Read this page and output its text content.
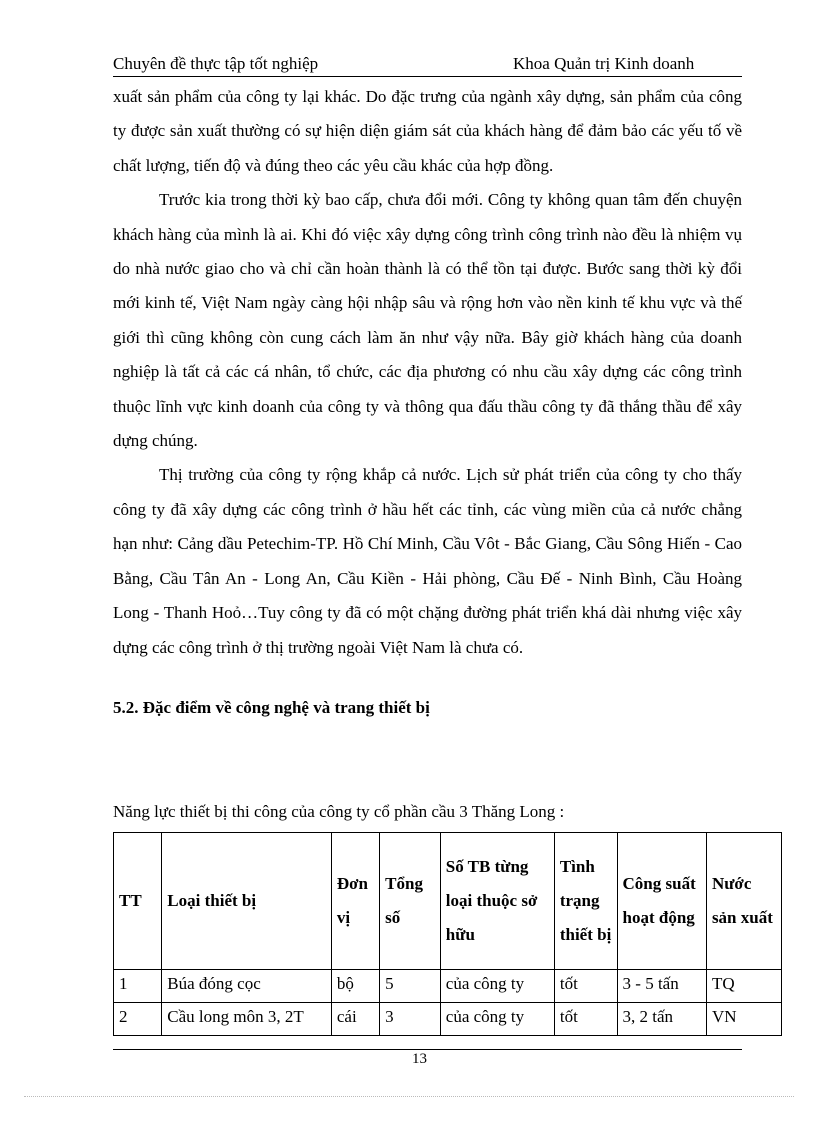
Chuyên đề thực tập tốt nghiệp	Khoa Quản trị Kinh doanh

xuất sản phẩm của công ty lại khác. Do đặc trưng của ngành xây dựng, sản phẩm của công ty được sản xuất thường có sự hiện diện giám sát của khách hàng để đảm bảo các yếu tố về chất lượng, tiến độ và đúng theo các yêu cầu khác của hợp đồng.

Trước kia trong thời kỳ bao cấp, chưa đổi mới. Công ty không quan tâm đến chuyện khách hàng của mình là ai. Khi đó việc xây dựng công trình công trình nào đều là nhiệm vụ do nhà nước giao cho và chỉ cần hoàn thành là có thể tồn tại được. Bước sang thời kỳ đổi mới kinh tế, Việt Nam ngày càng hội nhập sâu và rộng hơn vào nền kinh tế khu vực và thế giới thì cũng không còn cung cách làm ăn như vậy nữa. Bây giờ khách hàng của doanh nghiệp là tất cả các cá nhân, tổ chức, các địa phương có nhu cầu xây dựng các công trình thuộc lĩnh vực kinh doanh của công ty và thông qua đấu thầu công ty đã thắng thầu để xây dựng chúng.

Thị trường của công ty rộng khắp cả nước. Lịch sử phát triển của công ty cho thấy công ty đã xây dựng các công trình ở hầu hết các tỉnh, các vùng miền của cả nước chẳng hạn như: Cảng dầu Petechim-TP. Hồ Chí Minh, Cầu Vôt - Bắc Giang, Cầu Sông Hiến - Cao Bằng, Cầu Tân An - Long An, Cầu Kiền - Hải phòng, Cầu Đế - Ninh Bình, Cầu Hoàng Long - Thanh Hoỏ…Tuy công ty đã có một chặng đường phát triển khá dài nhưng việc xây dựng các công trình ở thị trường ngoài Việt Nam là chưa có.

5.2. Đặc điểm về công nghệ và trang thiết bị
Năng lực thiết bị thi công của công ty cổ phần cầu 3 Thăng Long :
TT	Loại thiết bị	Đơn vị	Tổng số	Số TB từng loại thuộc sở hữu	Tình trạng thiết bị	Công suất hoạt động	Nước sản xuất
1	Búa đóng cọc	bộ	5	của công ty	tốt	3 - 5 tấn	TQ
2	Cầu long môn 3, 2T	cái	3	của công ty	tốt	3, 2 tấn	VN
13
